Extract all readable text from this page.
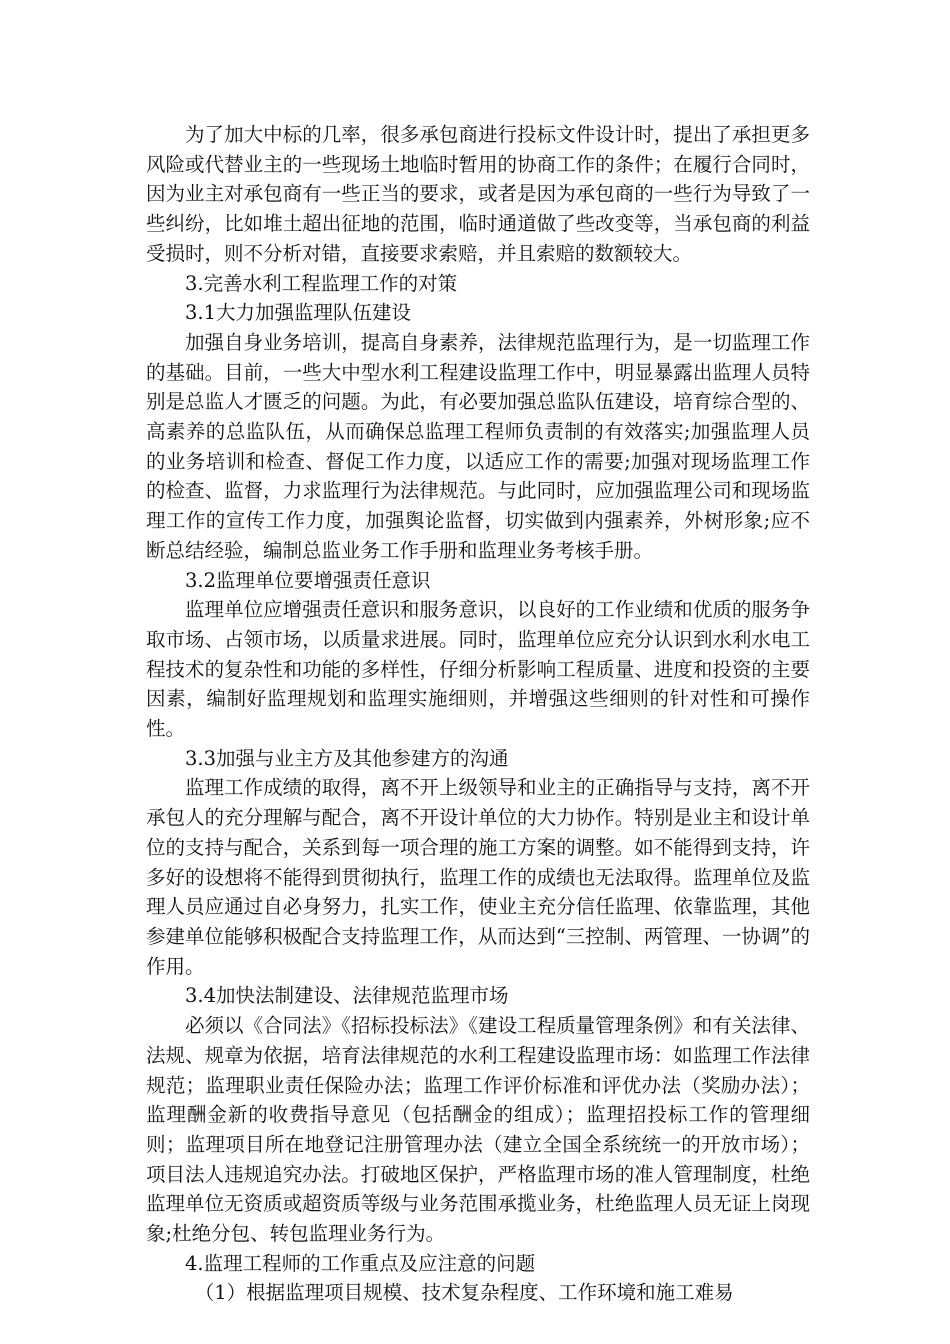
为了加大中标的几率，很多承包商进行投标文件设计时，提出了承担更多风险或代替业主的一些现场土地临时暂用的协商工作的条件；在履行合同时，因为业主对承包商有一些正当的要求，或者是因为承包商的一些行为导致了一些纠纷，比如堆土超出征地的范围，临时通道做了些改变等，当承包商的利益受损时，则不分析对错，直接要求索赔，并且索赔的数额较大。

3.完善水利工程监理工作的对策

3.1大力加强监理队伍建设

加强自身业务培训，提高自身素养，法律规范监理行为，是一切监理工作的基础。目前，一些大中型水利工程建设监理工作中，明显暴露出监理人员特别是总监人才匮乏的问题。为此，有必要加强总监队伍建设，培育综合型的、高素养的总监队伍，从而确保总监理工程师负责制的有效落实;加强监理人员的业务培训和检查、督促工作力度，以适应工作的需要;加强对现场监理工作的检查、监督，力求监理行为法律规范。与此同时，应加强监理公司和现场监理工作的宣传工作力度，加强舆论监督，切实做到内强素养，外树形象;应不断总结经验，编制总监业务工作手册和监理业务考核手册。

3.2监理单位要增强责任意识

监理单位应增强责任意识和服务意识，以良好的工作业绩和优质的服务争取市场、占领市场，以质量求进展。同时，监理单位应充分认识到水利水电工程技术的复杂性和功能的多样性，仔细分析影响工程质量、进度和投资的主要因素，编制好监理规划和监理实施细则，并增强这些细则的针对性和可操作性。

3.3加强与业主方及其他参建方的沟通

监理工作成绩的取得，离不开上级领导和业主的正确指导与支持，离不开承包人的充分理解与配合，离不开设计单位的大力协作。特别是业主和设计单位的支持与配合，关系到每一项合理的施工方案的调整。如不能得到支持，许多好的设想将不能得到贯彻执行，监理工作的成绩也无法取得。监理单位及监理人员应通过自必身努力，扎实工作，使业主充分信任监理、依靠监理，其他参建单位能够积极配合支持监理工作，从而达到“三控制、两管理、一协调”的作用。

3.4加快法制建设、法律规范监理市场

必须以《合同法》《招标投标法》《建设工程质量管理条例》和有关法律、法规、规章为依据，培育法律规范的水利工程建设监理市场：如监理工作法律规范；监理职业责任保险办法；监理工作评价标准和评优办法（奖励办法）；监理酬金新的收费指导意见（包括酬金的组成）；监理招投标工作的管理细则；监理项目所在地登记注册管理办法（建立全国全系统统一的开放市场）；项目法人违规追究办法。打破地区保护，严格监理市场的准人管理制度，杜绝监理单位无资质或超资质等级与业务范围承揽业务，杜绝监理人员无证上岗现象;杜绝分包、转包监理业务行为。

4.监理工程师的工作重点及应注意的问题

（1）根据监理项目规模、技术复杂程度、工作环境和施工难易
